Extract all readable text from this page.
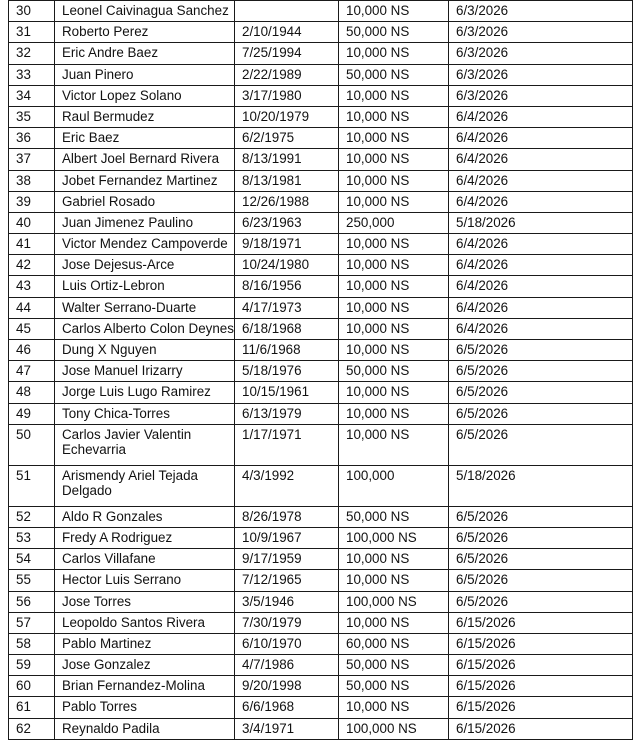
30	Leonel Caivinagua Sanchez		10,000 NS	6/3/2026
31	Roberto Perez	2/10/1944	50,000 NS	6/3/2026
32	Eric Andre Baez	7/25/1994	10,000 NS	6/3/2026
33	Juan Pinero	2/22/1989	50,000 NS	6/3/2026
34	Victor Lopez Solano	3/17/1980	10,000 NS	6/3/2026
35	Raul Bermudez	10/20/1979	10,000 NS	6/4/2026
36	Eric Baez	6/2/1975	10,000 NS	6/4/2026
37	Albert Joel Bernard Rivera	8/13/1991	10,000 NS	6/4/2026
38	Jobet Fernandez Martinez	8/13/1981	10,000 NS	6/4/2026
39	Gabriel Rosado	12/26/1988	10,000 NS	6/4/2026
40	Juan Jimenez Paulino	6/23/1963	250,000	5/18/2026
41	Victor Mendez Campoverde	9/18/1971	10,000 NS	6/4/2026
42	Jose Dejesus-Arce	10/24/1980	10,000 NS	6/4/2026
43	Luis Ortiz-Lebron	8/16/1956	10,000 NS	6/4/2026
44	Walter Serrano-Duarte	4/17/1973	10,000 NS	6/4/2026
45	Carlos Alberto Colon Deynes	6/18/1968	10,000 NS	6/4/2026
46	Dung X Nguyen	11/6/1968	10,000 NS	6/5/2026
47	Jose Manuel Irizarry	5/18/1976	50,000 NS	6/5/2026
48	Jorge Luis Lugo Ramirez	10/15/1961	10,000 NS	6/5/2026
49	Tony Chica-Torres	6/13/1979	10,000 NS	6/5/2026
50	Carlos Javier Valentin Echevarria	1/17/1971	10,000 NS	6/5/2026
51	Arismendy Ariel Tejada Delgado	4/3/1992	100,000	5/18/2026
52	Aldo R Gonzales	8/26/1978	50,000 NS	6/5/2026
53	Fredy A Rodriguez	10/9/1967	100,000 NS	6/5/2026
54	Carlos Villafane	9/17/1959	10,000 NS	6/5/2026
55	Hector Luis Serrano	7/12/1965	10,000 NS	6/5/2026
56	Jose Torres	3/5/1946	100,000 NS	6/5/2026
57	Leopoldo Santos Rivera	7/30/1979	10,000 NS	6/15/2026
58	Pablo Martinez	6/10/1970	60,000 NS	6/15/2026
59	Jose Gonzalez	4/7/1986	50,000 NS	6/15/2026
60	Brian Fernandez-Molina	9/20/1998	50,000 NS	6/15/2026
61	Pablo Torres	6/6/1968	10,000 NS	6/15/2026
62	Reynaldo Padila	3/4/1971	100,000 NS	6/15/2026
